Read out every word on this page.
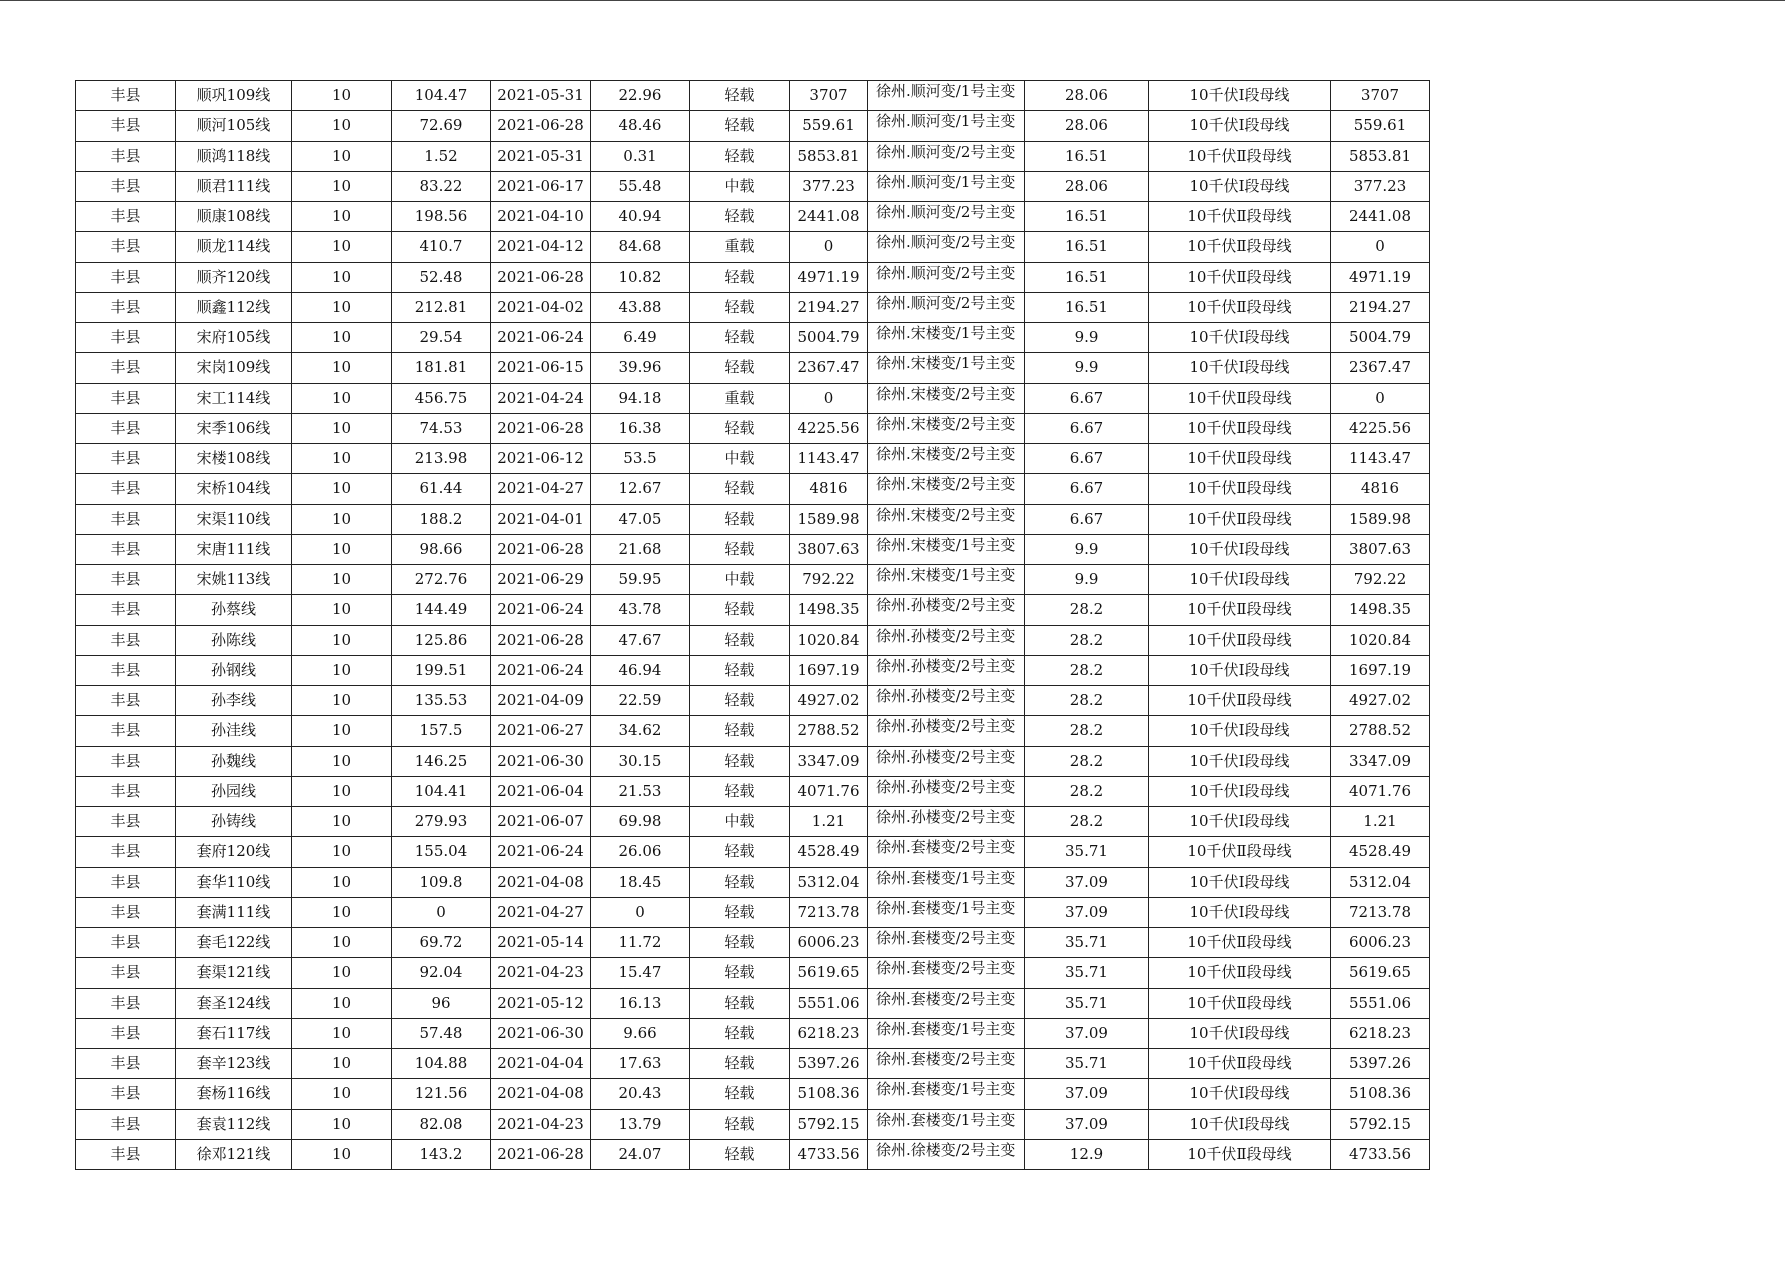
丰县	顺巩109线	10	104.47	2021-05-31	22.96	轻载	3707	徐州.顺河变/1号主变	28.06	10千伏Ⅰ段母线	3707
丰县	顺河105线	10	72.69	2021-06-28	48.46	轻载	559.61	徐州.顺河变/1号主变	28.06	10千伏Ⅰ段母线	559.61
丰县	顺鸿118线	10	1.52	2021-05-31	0.31	轻载	5853.81	徐州.顺河变/2号主变	16.51	10千伏Ⅱ段母线	5853.81
丰县	顺君111线	10	83.22	2021-06-17	55.48	中载	377.23	徐州.顺河变/1号主变	28.06	10千伏Ⅰ段母线	377.23
丰县	顺康108线	10	198.56	2021-04-10	40.94	轻载	2441.08	徐州.顺河变/2号主变	16.51	10千伏Ⅱ段母线	2441.08
丰县	顺龙114线	10	410.7	2021-04-12	84.68	重载	0	徐州.顺河变/2号主变	16.51	10千伏Ⅱ段母线	0
丰县	顺齐120线	10	52.48	2021-06-28	10.82	轻载	4971.19	徐州.顺河变/2号主变	16.51	10千伏Ⅱ段母线	4971.19
丰县	顺鑫112线	10	212.81	2021-04-02	43.88	轻载	2194.27	徐州.顺河变/2号主变	16.51	10千伏Ⅱ段母线	2194.27
丰县	宋府105线	10	29.54	2021-06-24	6.49	轻载	5004.79	徐州.宋楼变/1号主变	9.9	10千伏Ⅰ段母线	5004.79
丰县	宋岗109线	10	181.81	2021-06-15	39.96	轻载	2367.47	徐州.宋楼变/1号主变	9.9	10千伏Ⅰ段母线	2367.47
丰县	宋工114线	10	456.75	2021-04-24	94.18	重载	0	徐州.宋楼变/2号主变	6.67	10千伏Ⅱ段母线	0
丰县	宋季106线	10	74.53	2021-06-28	16.38	轻载	4225.56	徐州.宋楼变/2号主变	6.67	10千伏Ⅱ段母线	4225.56
丰县	宋楼108线	10	213.98	2021-06-12	53.5	中载	1143.47	徐州.宋楼变/2号主变	6.67	10千伏Ⅱ段母线	1143.47
丰县	宋桥104线	10	61.44	2021-04-27	12.67	轻载	4816	徐州.宋楼变/2号主变	6.67	10千伏Ⅱ段母线	4816
丰县	宋渠110线	10	188.2	2021-04-01	47.05	轻载	1589.98	徐州.宋楼变/2号主变	6.67	10千伏Ⅱ段母线	1589.98
丰县	宋唐111线	10	98.66	2021-06-28	21.68	轻载	3807.63	徐州.宋楼变/1号主变	9.9	10千伏Ⅰ段母线	3807.63
丰县	宋姚113线	10	272.76	2021-06-29	59.95	中载	792.22	徐州.宋楼变/1号主变	9.9	10千伏Ⅰ段母线	792.22
丰县	孙蔡线	10	144.49	2021-06-24	43.78	轻载	1498.35	徐州.孙楼变/2号主变	28.2	10千伏Ⅱ段母线	1498.35
丰县	孙陈线	10	125.86	2021-06-28	47.67	轻载	1020.84	徐州.孙楼变/2号主变	28.2	10千伏Ⅱ段母线	1020.84
丰县	孙钢线	10	199.51	2021-06-24	46.94	轻载	1697.19	徐州.孙楼变/2号主变	28.2	10千伏Ⅰ段母线	1697.19
丰县	孙李线	10	135.53	2021-04-09	22.59	轻载	4927.02	徐州.孙楼变/2号主变	28.2	10千伏Ⅱ段母线	4927.02
丰县	孙洼线	10	157.5	2021-06-27	34.62	轻载	2788.52	徐州.孙楼变/2号主变	28.2	10千伏Ⅰ段母线	2788.52
丰县	孙魏线	10	146.25	2021-06-30	30.15	轻载	3347.09	徐州.孙楼变/2号主变	28.2	10千伏Ⅰ段母线	3347.09
丰县	孙园线	10	104.41	2021-06-04	21.53	轻载	4071.76	徐州.孙楼变/2号主变	28.2	10千伏Ⅰ段母线	4071.76
丰县	孙铸线	10	279.93	2021-06-07	69.98	中载	1.21	徐州.孙楼变/2号主变	28.2	10千伏Ⅰ段母线	1.21
丰县	套府120线	10	155.04	2021-06-24	26.06	轻载	4528.49	徐州.套楼变/2号主变	35.71	10千伏Ⅱ段母线	4528.49
丰县	套华110线	10	109.8	2021-04-08	18.45	轻载	5312.04	徐州.套楼变/1号主变	37.09	10千伏Ⅰ段母线	5312.04
丰县	套满111线	10	0	2021-04-27	0	轻载	7213.78	徐州.套楼变/1号主变	37.09	10千伏Ⅰ段母线	7213.78
丰县	套毛122线	10	69.72	2021-05-14	11.72	轻载	6006.23	徐州.套楼变/2号主变	35.71	10千伏Ⅱ段母线	6006.23
丰县	套渠121线	10	92.04	2021-04-23	15.47	轻载	5619.65	徐州.套楼变/2号主变	35.71	10千伏Ⅱ段母线	5619.65
丰县	套圣124线	10	96	2021-05-12	16.13	轻载	5551.06	徐州.套楼变/2号主变	35.71	10千伏Ⅱ段母线	5551.06
丰县	套石117线	10	57.48	2021-06-30	9.66	轻载	6218.23	徐州.套楼变/1号主变	37.09	10千伏Ⅰ段母线	6218.23
丰县	套辛123线	10	104.88	2021-04-04	17.63	轻载	5397.26	徐州.套楼变/2号主变	35.71	10千伏Ⅱ段母线	5397.26
丰县	套杨116线	10	121.56	2021-04-08	20.43	轻载	5108.36	徐州.套楼变/1号主变	37.09	10千伏Ⅰ段母线	5108.36
丰县	套袁112线	10	82.08	2021-04-23	13.79	轻载	5792.15	徐州.套楼变/1号主变	37.09	10千伏Ⅰ段母线	5792.15
丰县	徐邓121线	10	143.2	2021-06-28	24.07	轻载	4733.56	徐州.徐楼变/2号主变	12.9	10千伏Ⅱ段母线	4733.56
